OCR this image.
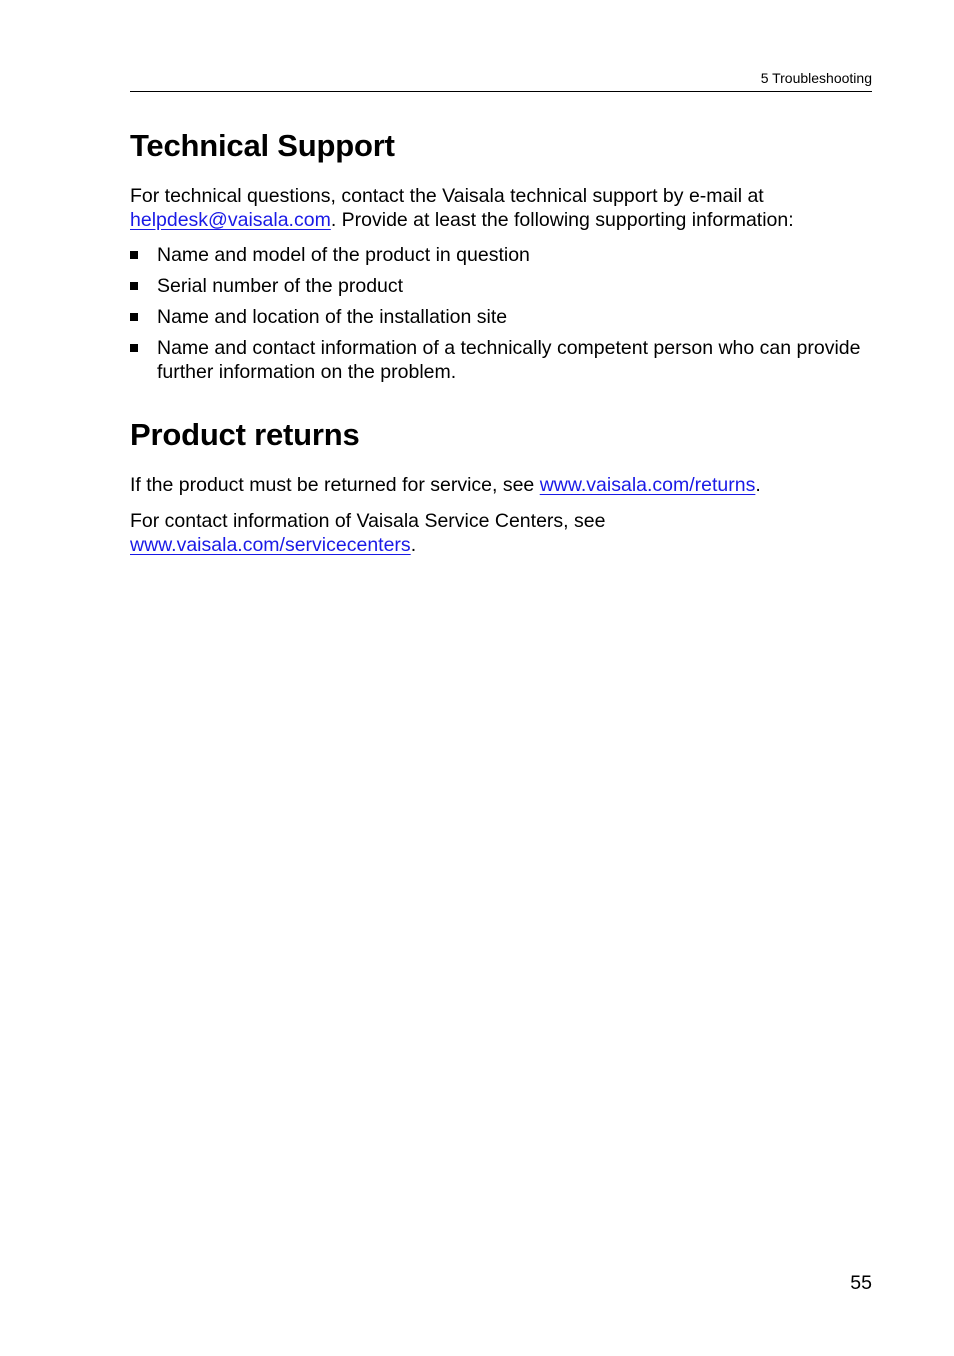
5 Troubleshooting
Technical Support

For technical questions, contact the Vaisala technical support by e-mail at helpdesk@vaisala.com. Provide at least the following supporting information:

Name and model of the product in question
Serial number of the product
Name and location of the installation site
Name and contact information of a technically competent person who can provide further information on the problem.
Product returns

If the product must be returned for service, see www.vaisala.com/returns.

For contact information of Vaisala Service Centers, see
www.vaisala.com/servicecenters.

55
